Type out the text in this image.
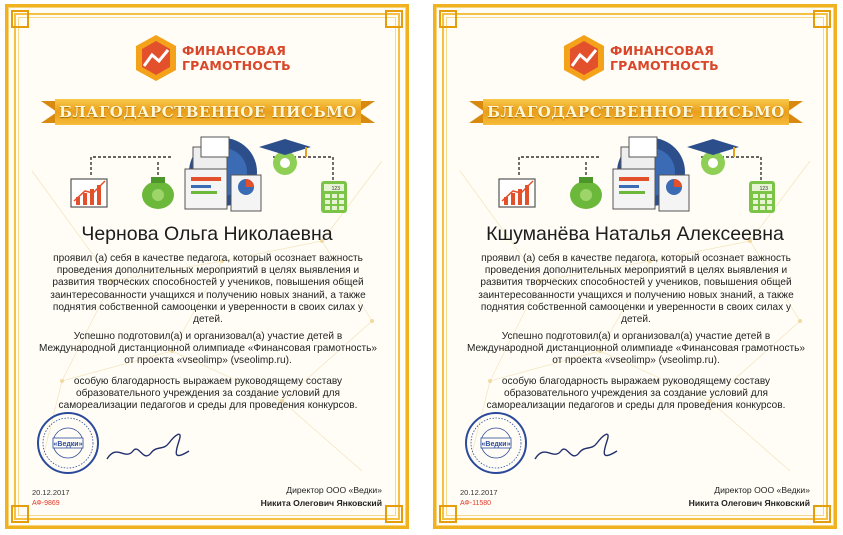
ФИНАНСОВАЯ
ГРАМОТНОСТЬ
БЛАГОДАРСТВЕННОЕ ПИСЬМО
123
Чернова Ольга Николаевна
проявил (а) себя в качестве педагога, который осознает важность проведения дополнительных мероприятий в целях выявления и развития творческих способностей у учеников, повышения общей заинтересованности учащихся и получению новых знаний, а также поднятия собственной самооценки и уверенности в своих силах у детей.
Успешно подготовил(а) и организовал(а) участие детей в Международной дистанционной олимпиаде «Финансовая грамотность» от проекта «vseolimp» (vseolimp.ru).
особую благодарность выражаем руководящему составу образовательного учреждения за создание условий для самореализации педагогов и среды для проведения конкурсов.
«Ведки»
20.12.2017
АФ-9869
Директор ООО «Ведки»
Никита Олегович Янковский
ФИНАНСОВАЯ
ГРАМОТНОСТЬ
БЛАГОДАРСТВЕННОЕ ПИСЬМО
123
Кшуманёва Наталья Алексеевна
проявил (а) себя в качестве педагога, который осознает важность проведения дополнительных мероприятий в целях выявления и развития творческих способностей у учеников, повышения общей заинтересованности учащихся и получению новых знаний, а также поднятия собственной самооценки и уверенности в своих силах у детей.
Успешно подготовил(а) и организовал(а) участие детей в Международной дистанционной олимпиаде «Финансовая грамотность» от проекта «vseolimp» (vseolimp.ru).
особую благодарность выражаем руководящему составу образовательного учреждения за создание условий для самореализации педагогов и среды для проведения конкурсов.
«Ведки»
20.12.2017
АФ-11580
Директор ООО «Ведки»
Никита Олегович Янковский
